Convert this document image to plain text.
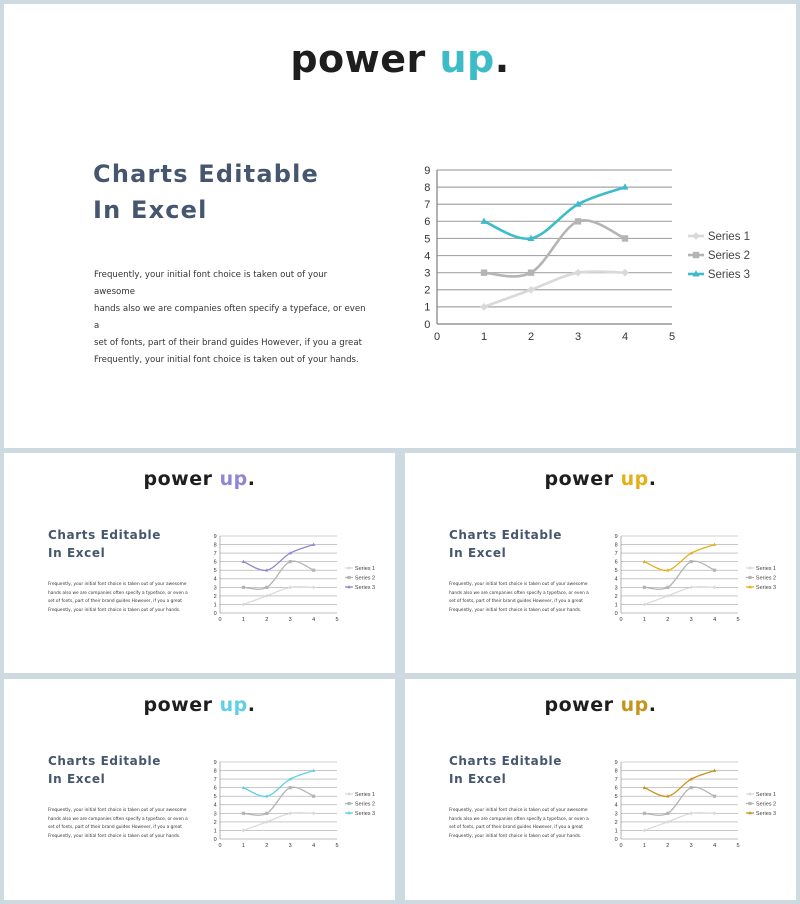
power up.
Charts Editable
In Excel

Frequently, your initial font choice is taken out of your awesome
hands also we are companies often specify a typeface, or even a
set of fonts, part of their brand guides However, if you a great
Frequently, your initial font choice is taken out of your hands.

0
1
2
3
4
5
6
7
8
9
0	1	2	3	4	5
Series 1
Series 2
Series 3
power up.
Charts Editable
In Excel

Frequently, your initial font choice is taken out of your awesome
hands also we are companies often specify a typeface, or even a
set of fonts, part of their brand guides However, if you a great
Frequently, your initial font choice is taken out of your hands.

0
1
2
3
4
5
6
7
8
9
0	1	2	3	4	5
Series 1
Series 2
Series 3
power up.
Charts Editable
In Excel

Frequently, your initial font choice is taken out of your awesome
hands also we are companies often specify a typeface, or even a
set of fonts, part of their brand guides However, if you a great
Frequently, your initial font choice is taken out of your hands.

0
1
2
3
4
5
6
7
8
9
0	1	2	3	4	5
Series 1
Series 2
Series 3
power up.
Charts Editable
In Excel

Frequently, your initial font choice is taken out of your awesome
hands also we are companies often specify a typeface, or even a
set of fonts, part of their brand guides However, if you a great
Frequently, your initial font choice is taken out of your hands.

0
1
2
3
4
5
6
7
8
9
0	1	2	3	4	5
Series 1
Series 2
Series 3
power up.
Charts Editable
In Excel

Frequently, your initial font choice is taken out of your awesome
hands also we are companies often specify a typeface, or even a
set of fonts, part of their brand guides However, if you a great
Frequently, your initial font choice is taken out of your hands.

0
1
2
3
4
5
6
7
8
9
0	1	2	3	4	5
Series 1
Series 2
Series 3
